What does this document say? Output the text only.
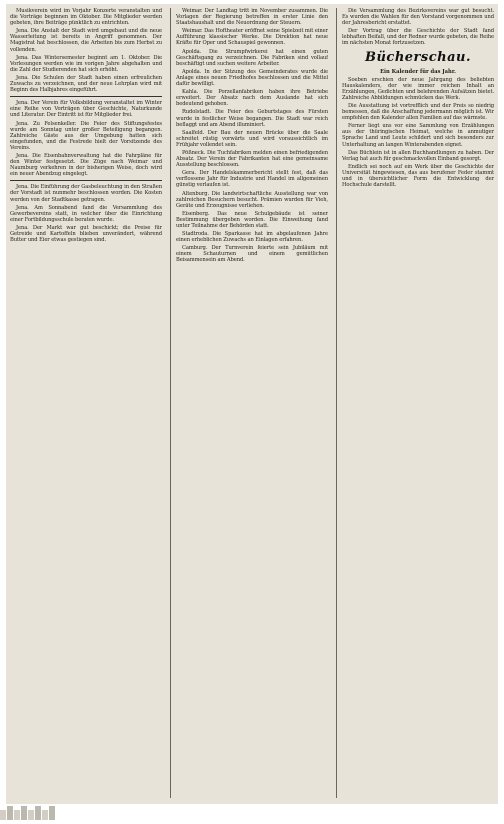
Musikverein wird im Vorjahr Konzerte veranstalten und die Vorträge beginnen im Oktober. Die Mitglieder werden gebeten, ihre Beiträge pünktlich zu entrichten.

Jena. Die Anstalt der Stadt wird umgebaut und die neue Wasserleitung ist bereits in Angriff genommen. Der Magistrat hat beschlossen, die Arbeiten bis zum Herbst zu vollenden.

Jena. Das Wintersemester beginnt am 1. Oktober. Die Vorlesungen werden wie im vorigen Jahre abgehalten und die Zahl der Studierenden hat sich erhöht.

Jena. Die Schulen der Stadt haben einen erfreulichen Zuwachs zu verzeichnen, und der neue Lehrplan wird mit Beginn des Halbjahres eingeführt.

Jena. Der Verein für Volksbildung veranstaltet im Winter eine Reihe von Vorträgen über Geschichte, Naturkunde und Literatur. Der Eintritt ist für Mitglieder frei.

Jena. Zu Felsenkeller. Die Feier des Stiftungsfestes wurde am Sonntag unter großer Beteiligung begangen. Zahlreiche Gäste aus der Umgebung hatten sich eingefunden, und die Festrede hielt der Vorsitzende des Vereins.

Jena. Die Eisenbahnverwaltung hat die Fahrpläne für den Winter festgesetzt. Die Züge nach Weimar und Naumburg verkehren in der bisherigen Weise, doch wird ein neuer Abendzug eingelegt.

Jena. Die Einführung der Gasbeleuchtung in den Straßen der Vorstadt ist nunmehr beschlossen worden. Die Kosten werden von der Stadtkasse getragen.

Jena. Am Sonnabend fand die Versammlung des Gewerbevereins statt, in welcher über die Einrichtung einer Fortbildungsschule beraten wurde.

Jena. Der Markt war gut beschickt; die Preise für Getreide und Kartoffeln blieben unverändert, während Butter und Eier etwas gestiegen sind.

Weimar. Der Landtag tritt im November zusammen. Die Vorlagen der Regierung betreffen in erster Linie den Staatshaushalt und die Neuordnung der Steuern.

Weimar. Das Hoftheater eröffnet seine Spielzeit mit einer Aufführung klassischer Werke. Die Direktion hat neue Kräfte für Oper und Schauspiel gewonnen.

Apolda. Die Strumpfwirkerei hat einen guten Geschäftsgang zu verzeichnen. Die Fabriken sind vollauf beschäftigt und suchen weitere Arbeiter.

Apolda. In der Sitzung des Gemeinderates wurde die Anlage eines neuen Friedhofes beschlossen und die Mittel dafür bewilligt.

Kahla. Die Porzellanfabriken haben ihre Betriebe erweitert. Der Absatz nach dem Auslande hat sich bedeutend gehoben.

Rudolstadt. Die Feier des Geburtstages des Fürsten wurde in festlicher Weise begangen. Die Stadt war reich beflaggt und am Abend illuminiert.

Saalfeld. Der Bau der neuen Brücke über die Saale schreitet rüstig vorwärts und wird voraussichtlich im Frühjahr vollendet sein.

Pößneck. Die Tuchfabriken melden einen befriedigenden Absatz. Der Verein der Fabrikanten hat eine gemeinsame Ausstellung beschlossen.

Gera. Der Handelskammerbericht stellt fest, daß das verflossene Jahr für Industrie und Handel im allgemeinen günstig verlaufen ist.

Altenburg. Die landwirtschaftliche Ausstellung war von zahlreichen Besuchern besucht. Prämien wurden für Vieh, Geräte und Erzeugnisse verliehen.

Eisenberg. Das neue Schulgebäude ist seiner Bestimmung übergeben worden. Die Einweihung fand unter Teilnahme der Behörden statt.

Stadtroda. Die Sparkasse hat im abgelaufenen Jahre einen erheblichen Zuwachs an Einlagen erfahren.

Camburg. Der Turnverein feierte sein Jubiläum mit einem Schauturnen und einem gemütlichen Beisammensein am Abend.

Die Versammlung des Bezirksvereins war gut besucht. Es wurden die Wahlen für den Vorstand vorgenommen und der Jahresbericht erstattet.

Der Vortrag über die Geschichte der Stadt fand lebhaften Beifall, und der Redner wurde gebeten, die Reihe im nächsten Monat fortzusetzen.

Bücherschau.
Ein Kalender für das Jahr.

Soeben erschien der neue Jahrgang des beliebten Hauskalenders, der wie immer reichen Inhalt an Erzählungen, Gedichten und belehrenden Aufsätzen bietet. Zahlreiche Abbildungen schmücken das Werk.

Die Ausstattung ist vortrefflich und der Preis so niedrig bemessen, daß die Anschaffung jedermann möglich ist. Wir empfehlen den Kalender allen Familien auf das wärmste.

Ferner liegt uns vor eine Sammlung von Erzählungen aus der thüringischen Heimat, welche in anmutiger Sprache Land und Leute schildert und sich besonders zur Unterhaltung an langen Winterabenden eignet.

Das Büchlein ist in allen Buchhandlungen zu haben. Der Verlag hat auch für geschmackvollen Einband gesorgt.

Endlich sei noch auf ein Werk über die Geschichte der Universität hingewiesen, das aus berufener Feder stammt und in übersichtlicher Form die Entwicklung der Hochschule darstellt.
